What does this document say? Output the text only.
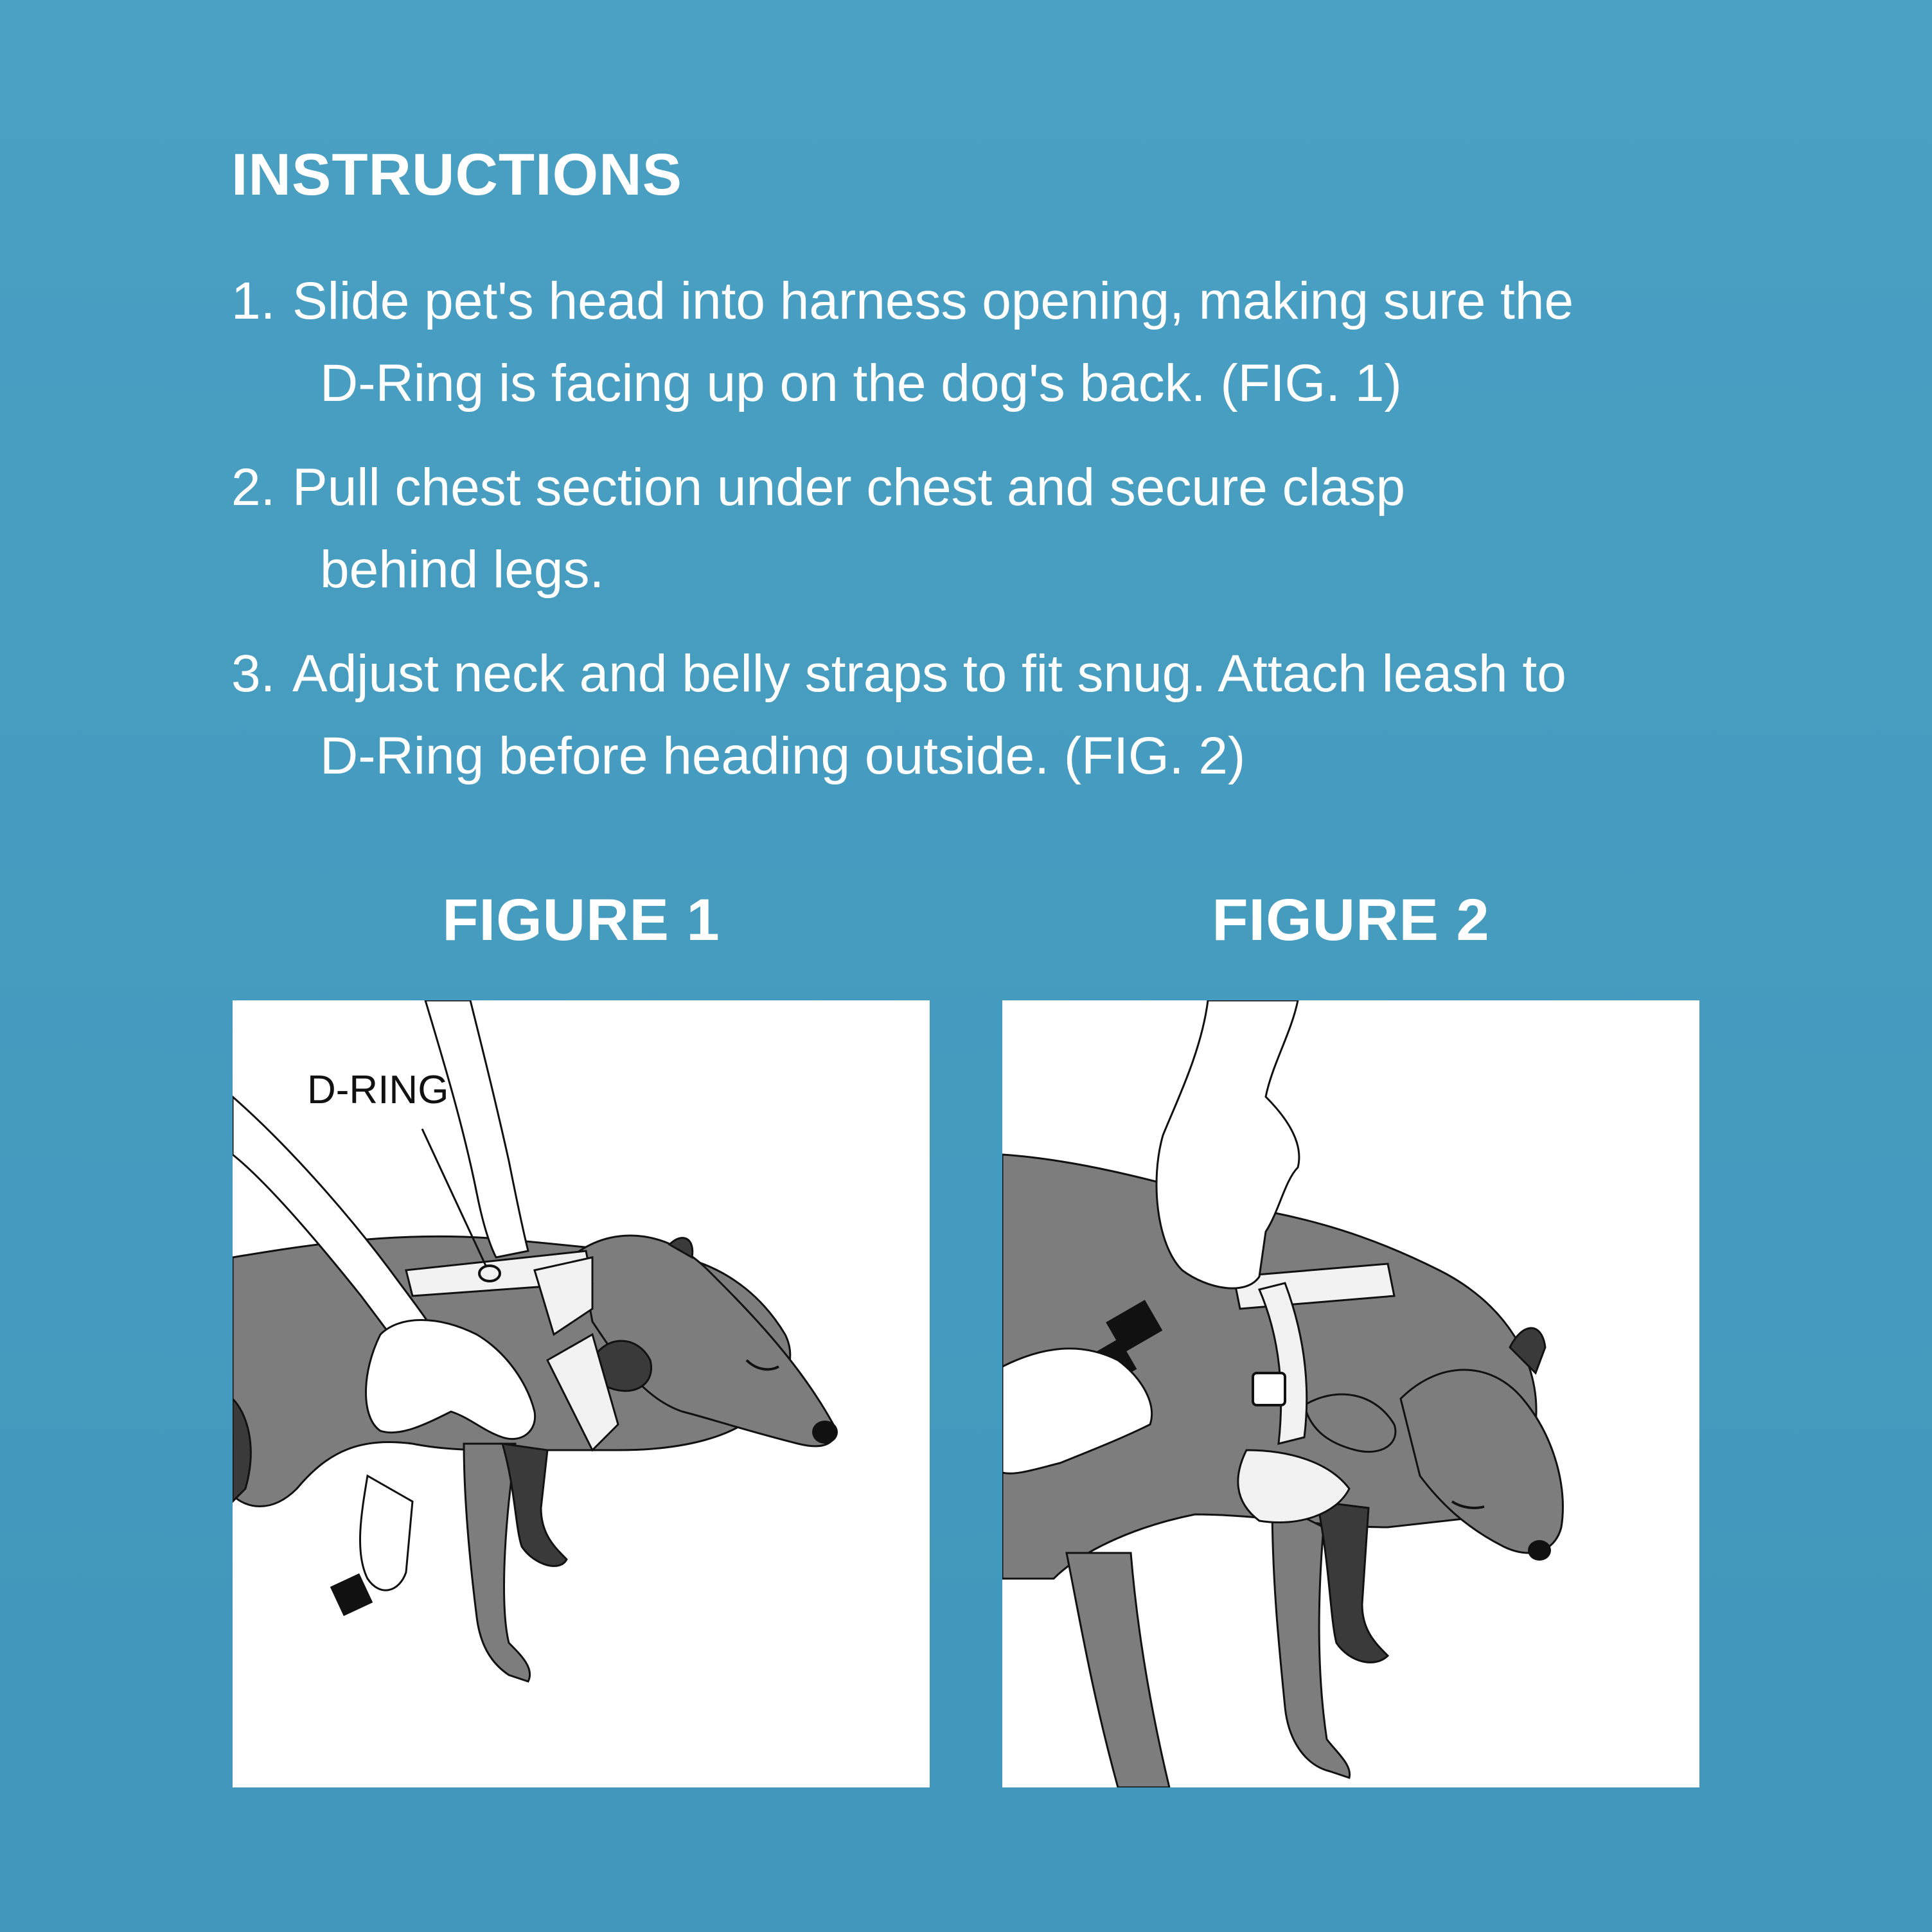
INSTRUCTIONS
1. Slide pet's head into harness opening, making sure the
D-Ring is facing up on the dog's back. (FIG. 1)
2. Pull chest section under chest and secure clasp
behind legs.
3. Adjust neck and belly straps to fit snug. Attach leash to
D-Ring before heading outside. (FIG. 2)
FIGURE 1	FIGURE 2
D-RING
